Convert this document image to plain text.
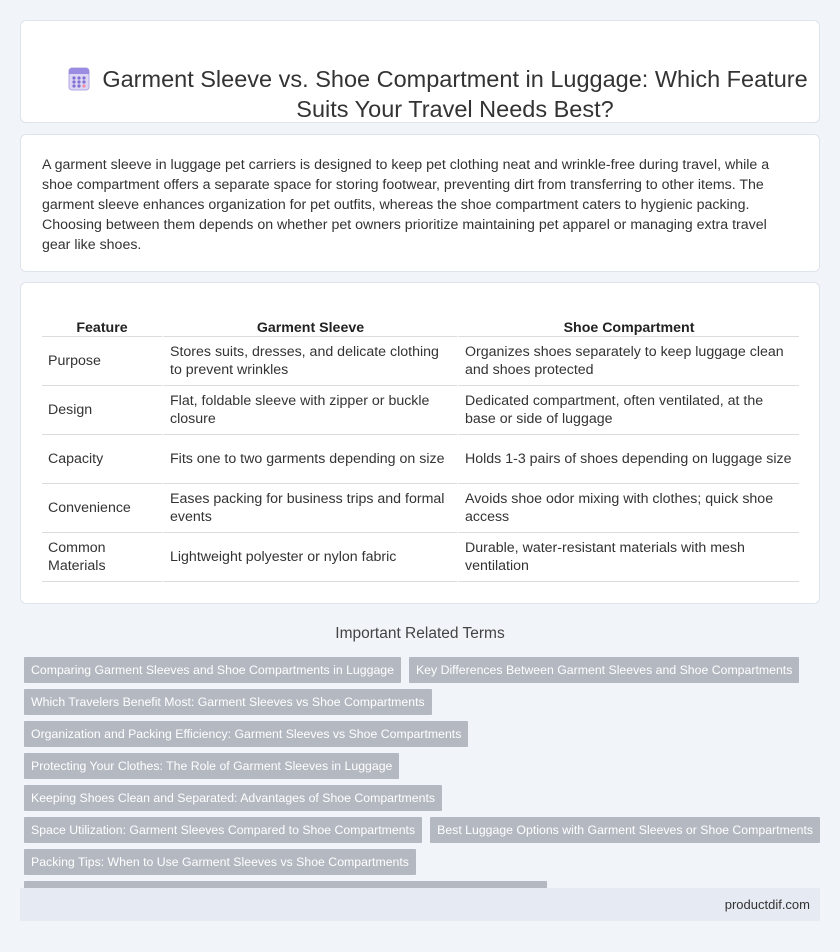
Garment Sleeve vs. Shoe Compartment in Luggage: Which Feature Suits Your Travel Needs Best?

A garment sleeve in luggage pet carriers is designed to keep pet clothing neat and wrinkle-free during travel, while a shoe compartment offers a separate space for storing footwear, preventing dirt from transferring to other items. The garment sleeve enhances organization for pet outfits, whereas the shoe compartment caters to hygienic packing. Choosing between them depends on whether pet owners prioritize maintaining pet apparel or managing extra travel gear like shoes.

Feature	Garment Sleeve	Shoe Compartment
Purpose	Stores suits, dresses, and delicate clothing to prevent wrinkles	Organizes shoes separately to keep luggage clean and shoes protected
Design	Flat, foldable sleeve with zipper or buckle closure	Dedicated compartment, often ventilated, at the base or side of luggage
Capacity	Fits one to two garments depending on size	Holds 1-3 pairs of shoes depending on luggage size
Convenience	Eases packing for business trips and formal events	Avoids shoe odor mixing with clothes; quick shoe access
Common Materials	Lightweight polyester or nylon fabric	Durable, water-resistant materials with mesh ventilation
Important Related Terms
Comparing Garment Sleeves and Shoe Compartments in Luggage	Key Differences Between Garment Sleeves and Shoe Compartments
Which Travelers Benefit Most: Garment Sleeves vs Shoe Compartments
Organization and Packing Efficiency: Garment Sleeves vs Shoe Compartments
Protecting Your Clothes: The Role of Garment Sleeves in Luggage
Keeping Shoes Clean and Separated: Advantages of Shoe Compartments
Space Utilization: Garment Sleeves Compared to Shoe Compartments	Best Luggage Options with Garment Sleeves or Shoe Compartments
Packing Tips: When to Use Garment Sleeves vs Shoe Compartments
productdif.com
